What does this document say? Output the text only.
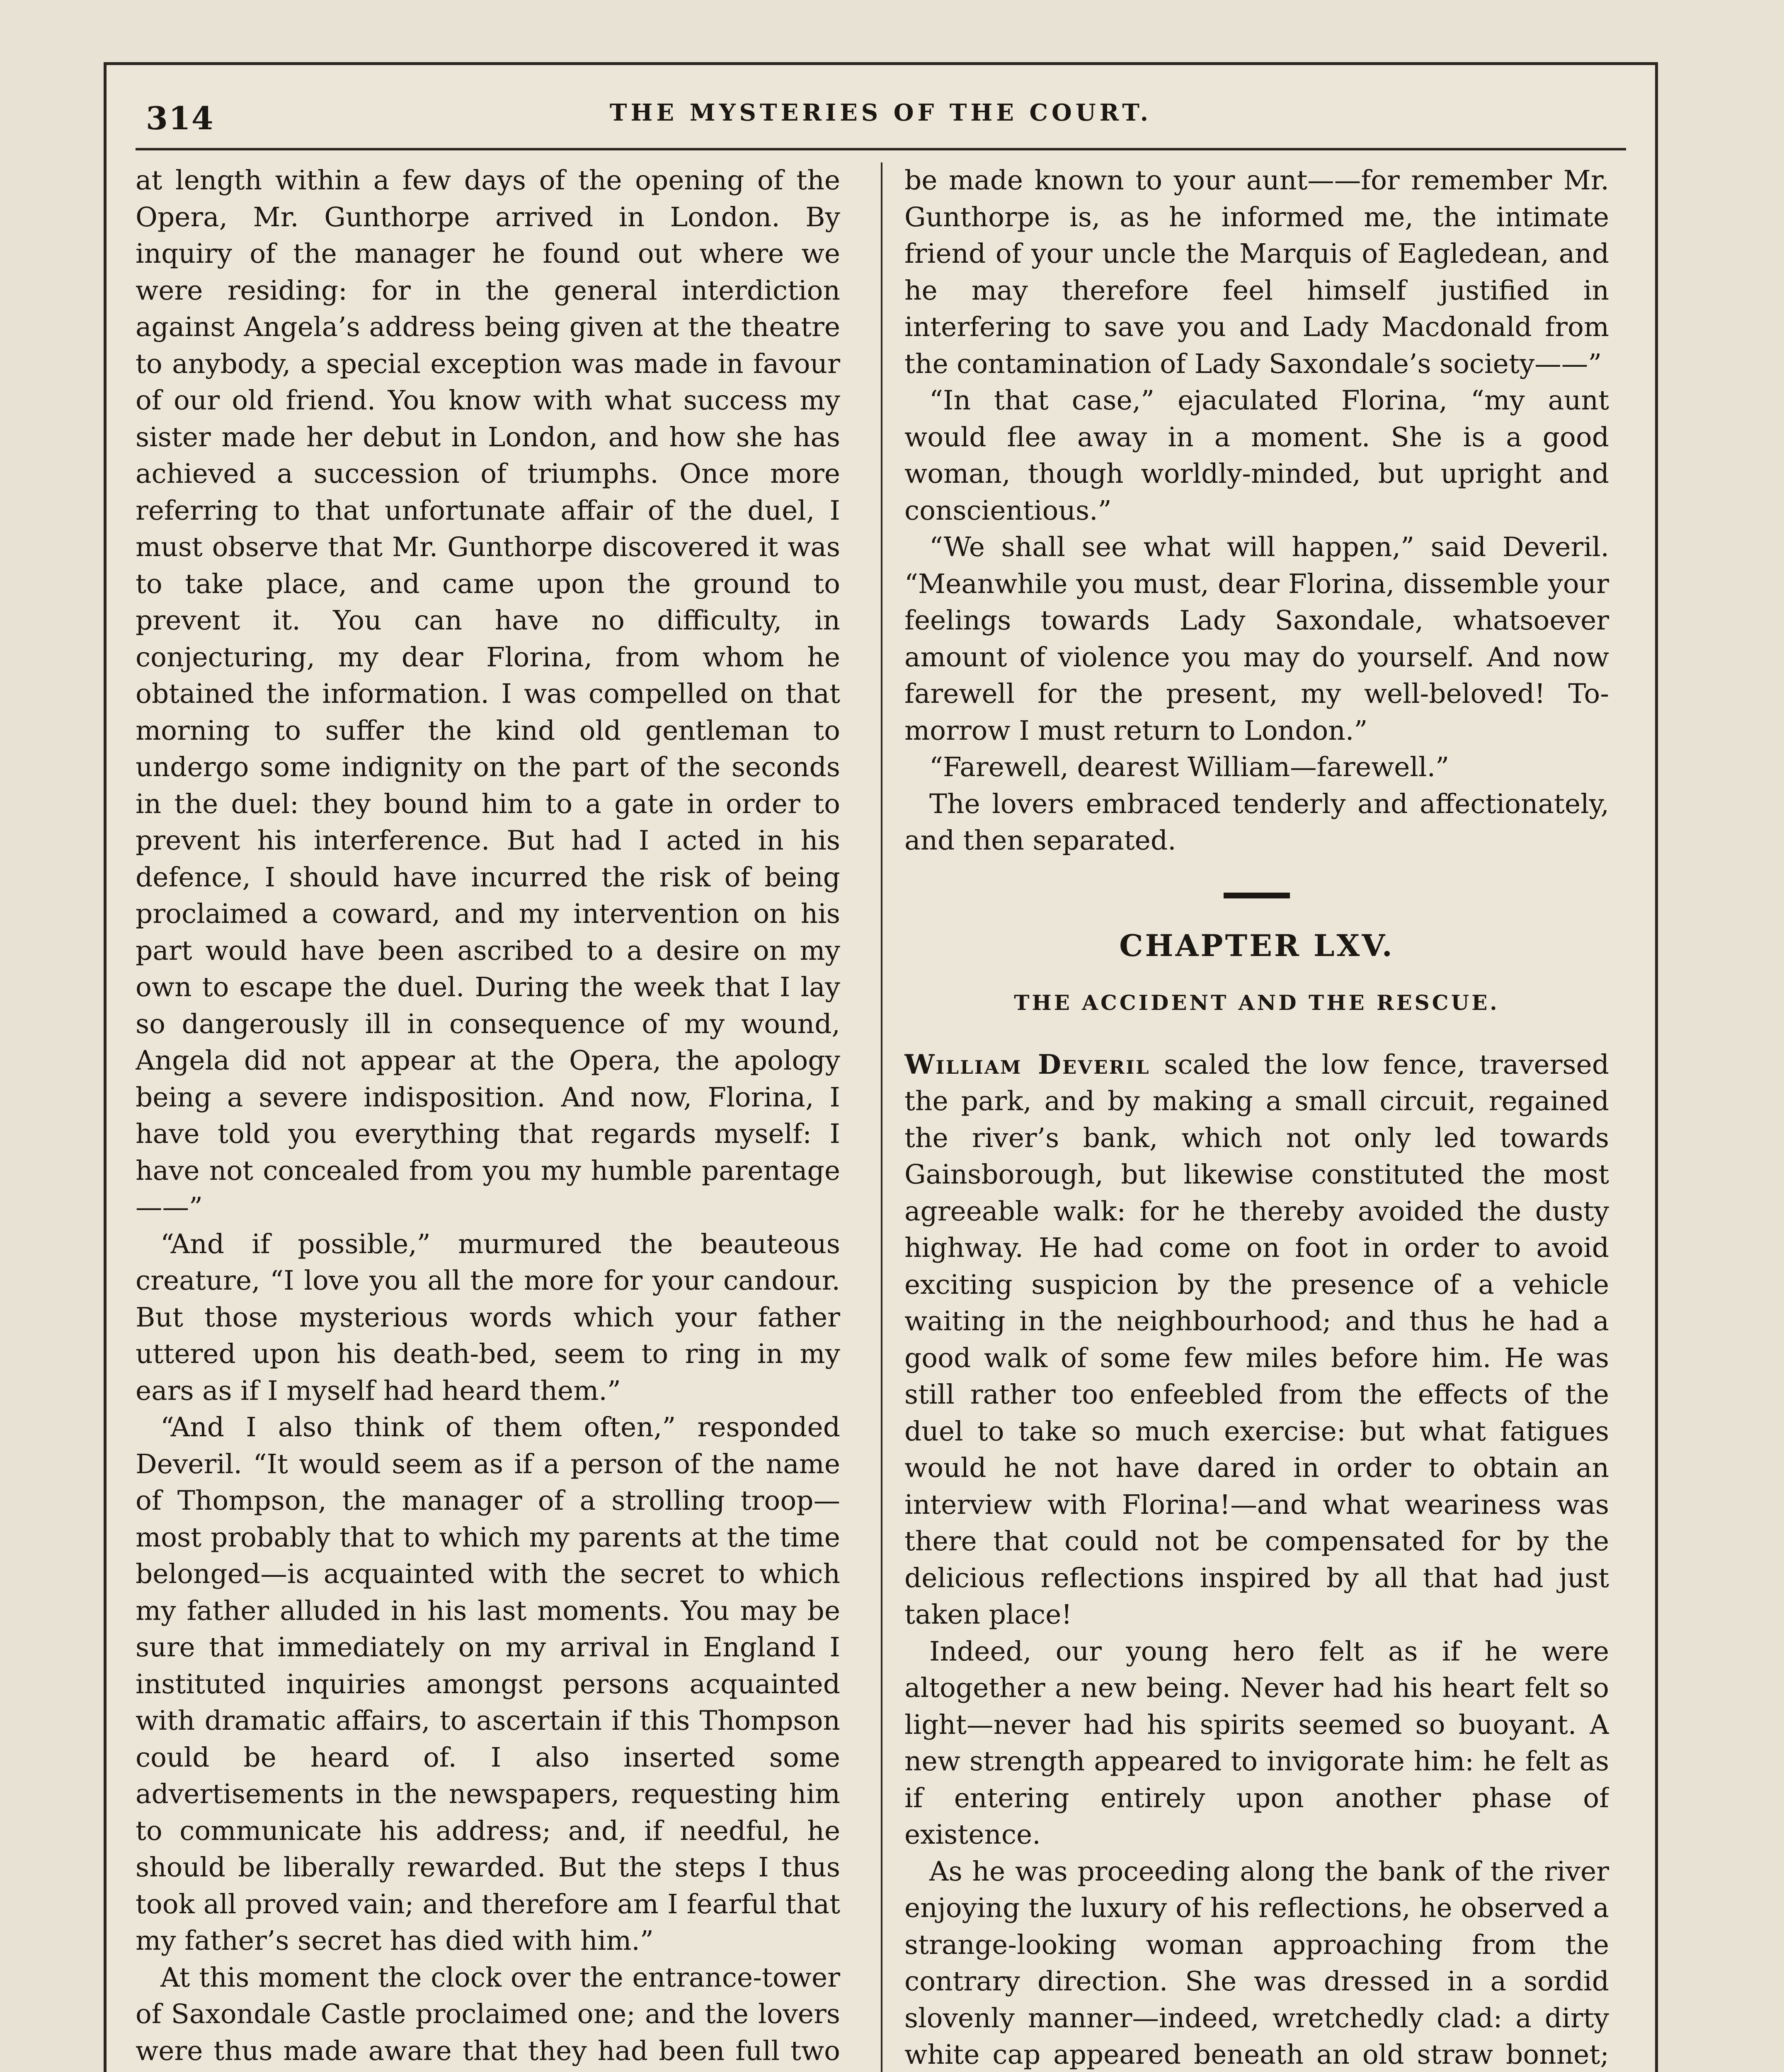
314	THE MYSTERIES OF THE COURT.

at length within a few days of the opening of the Opera, Mr. Gunthorpe arrived in London. By inquiry of the manager he found out where we were residing: for in the general interdiction against Angela’s address being given at the theatre to anybody, a special exception was made in favour of our old friend. You know with what success my sister made her debut in London, and how she has achieved a succession of triumphs. Once more referring to that unfortunate affair of the duel, I must observe that Mr. Gunthorpe discovered it was to take place, and came upon the ground to prevent it. You can have no difficulty, in conjecturing, my dear Florina, from whom he obtained the information. I was compelled on that morning to suffer the kind old gentleman to undergo some indignity on the part of the seconds in the duel: they bound him to a gate in order to prevent his interference. But had I acted in his defence, I should have incurred the risk of being proclaimed a coward, and my intervention on his part would have been ascribed to a desire on my own to escape the duel. During the week that I lay so dangerously ill in consequence of my wound, Angela did not appear at the Opera, the apology being a severe indisposition. And now, Florina, I have told you everything that regards myself: I have not concealed from you my humble parentage——”

“And if possible,” murmured the beauteous creature, “I love you all the more for your candour. But those mysterious words which your father uttered upon his death-bed, seem to ring in my ears as if I myself had heard them.”

“And I also think of them often,” responded Deveril. “It would seem as if a person of the name of Thompson, the manager of a strolling troop—most probably that to which my parents at the time belonged—is acquainted with the secret to which my father alluded in his last moments. You may be sure that immediately on my arrival in England I instituted inquiries amongst persons acquainted with dramatic affairs, to ascertain if this Thompson could be heard of. I also inserted some advertisements in the newspapers, requesting him to communicate his address; and, if needful, he should be liberally rewarded. But the steps I thus took all proved vain; and therefore am I fearful that my father’s secret has died with him.”

At this moment the clock over the entrance-tower of Saxondale Castle proclaimed one; and the lovers were thus made aware that they had been full two

be made known to your aunt——for remember Mr. Gunthorpe is, as he informed me, the intimate friend of your uncle the Marquis of Eagledean, and he may therefore feel himself justified in interfering to save you and Lady Macdonald from the contamination of Lady Saxondale’s society——”

“In that case,” ejaculated Florina, “my aunt would flee away in a moment. She is a good woman, though worldly-minded, but upright and conscientious.”

“We shall see what will happen,” said Deveril. “Meanwhile you must, dear Florina, dissemble your feelings towards Lady Saxondale, whatsoever amount of violence you may do yourself. And now farewell for the present, my well-beloved! To-morrow I must return to London.”

“Farewell, dearest William—farewell.”

The lovers embraced tenderly and affectionately, and then separated.

CHAPTER LXV.
THE ACCIDENT AND THE RESCUE.

William Deveril scaled the low fence, traversed the park, and by making a small circuit, regained the river’s bank, which not only led towards Gainsborough, but likewise constituted the most agreeable walk: for he thereby avoided the dusty highway. He had come on foot in order to avoid exciting suspicion by the presence of a vehicle waiting in the neighbourhood; and thus he had a good walk of some few miles before him. He was still rather too enfeebled from the effects of the duel to take so much exercise: but what fatigues would he not have dared in order to obtain an interview with Florina!—and what weariness was there that could not be compensated for by the delicious reflections inspired by all that had just taken place!

Indeed, our young hero felt as if he were altogether a new being. Never had his heart felt so light—never had his spirits seemed so buoyant. A new strength appeared to invigorate him: he felt as if entering entirely upon another phase of existence.

As he was proceeding along the bank of the river enjoying the luxury of his reflections, he observed a strange-looking woman approaching from the contrary direction. She was dressed in a sordid slovenly manner—indeed, wretchedly clad: a dirty white cap appeared beneath an old straw bonnet;
